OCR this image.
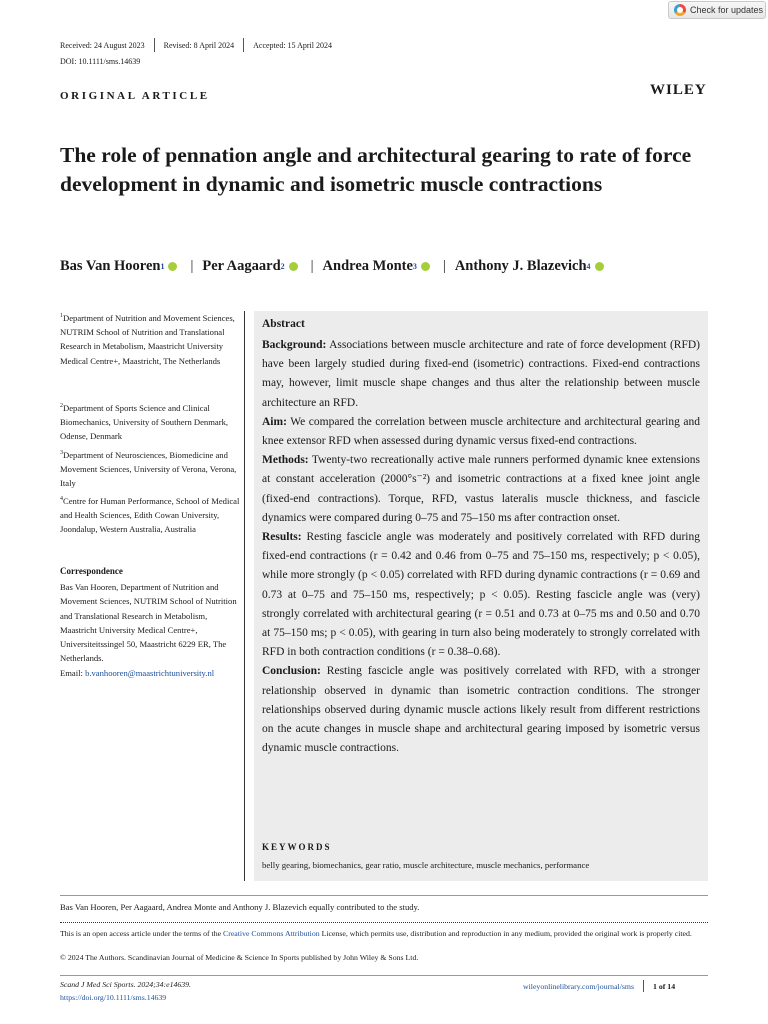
Check for updates
Received: 24 August 2023	Revised: 8 April 2024	Accepted: 15 April 2024
DOI: 10.1111/sms.14639
ORIGINAL ARTICLE	WILEY
The role of pennation angle and architectural gearing to rate of force development in dynamic and isometric muscle contractions
Bas Van Hooren 1 | Per Aagaard 2 | Andrea Monte 3 | Anthony J. Blazevich 4
$^1$Department of Nutrition and Movement Sciences, NUTRIM School of Nutrition and Translational Research in Metabolism, Maastricht University Medical Centre+, Maastricht, The Netherlands
$^2$Department of Sports Science and Clinical Biomechanics, University of Southern Denmark, Odense, Denmark
$^3$Department of Neurosciences, Biomedicine and Movement Sciences, University of Verona, Verona, Italy
$^4$Centre for Human Performance, School of Medical and Health Sciences, Edith Cowan University, Joondalup, Western Australia, Australia
Correspondence
Bas Van Hooren, Department of Nutrition and Movement Sciences, NUTRIM School of Nutrition and Translational Research in Metabolism, Maastricht University Medical Centre+, Universiteitssingel 50, Maastricht 6229 ER, The Netherlands.
Email: b.vanhooren@maastrichtuniversity.nl
Abstract

Background: Associations between muscle architecture and rate of force development (RFD) have been largely studied during fixed-end (isometric) contractions. Fixed-end contractions may, however, limit muscle shape changes and thus alter the relationship between muscle architecture an RFD.

Aim: We compared the correlation between muscle architecture and architectural gearing and knee extensor RFD when assessed during dynamic versus fixed-end contractions.

Methods: Twenty-two recreationally active male runners performed dynamic knee extensions at constant acceleration (2000°s⁻²) and isometric contractions at a fixed knee joint angle (fixed-end contractions). Torque, RFD, vastus lateralis muscle thickness, and fascicle dynamics were compared during 0–75 and 75–150 ms after contraction onset.

Results: Resting fascicle angle was moderately and positively correlated with RFD during fixed-end contractions (r = 0.42 and 0.46 from 0–75 and 75–150 ms, respectively; p < 0.05), while more strongly (p < 0.05) correlated with RFD during dynamic contractions (r = 0.69 and 0.73 at 0–75 and 75–150 ms, respectively; p < 0.05). Resting fascicle angle was (very) strongly correlated with architectural gearing (r = 0.51 and 0.73 at 0–75 ms and 0.50 and 0.70 at 75–150 ms; p < 0.05), with gearing in turn also being moderately to strongly correlated with RFD in both contraction conditions (r = 0.38–0.68).

Conclusion: Resting fascicle angle was positively correlated with RFD, with a stronger relationship observed in dynamic than isometric contraction conditions. The stronger relationships observed during dynamic muscle actions likely result from different restrictions on the acute changes in muscle shape and architectural gearing imposed by isometric versus dynamic muscle contractions.

KEYWORDS
belly gearing, biomechanics, gear ratio, muscle architecture, muscle mechanics, performance
Bas Van Hooren, Per Aagaard, Andrea Monte and Anthony J. Blazevich equally contributed to the study.
This is an open access article under the terms of the Creative Commons Attribution License, which permits use, distribution and reproduction in any medium, provided the original work is properly cited.
© 2024 The Authors. Scandinavian Journal of Medicine & Science In Sports published by John Wiley & Sons Ltd.
Scand J Med Sci Sports. 2024;34:e14639.
https://doi.org/10.1111/sms.14639
wileyonlinelibrary.com/journal/sms 1 of 14
